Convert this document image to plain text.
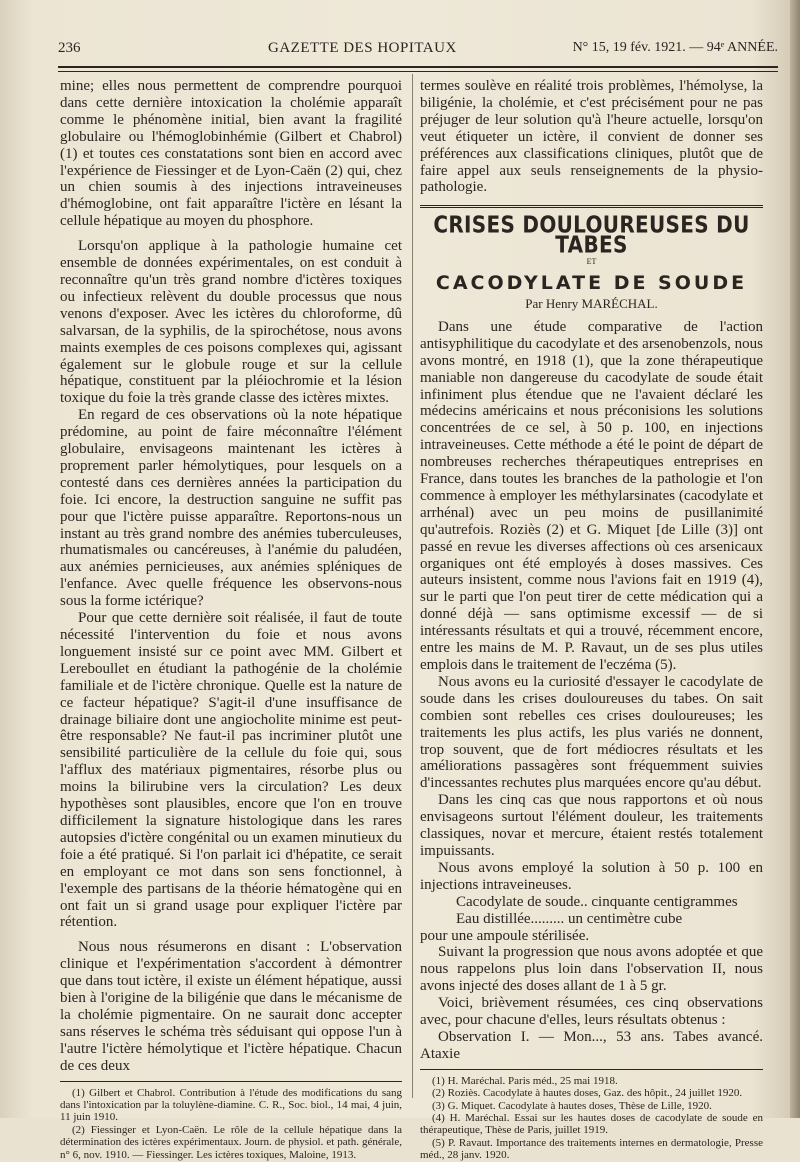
236	GAZETTE DES HOPITAUX	N° 15, 19 fév. 1921. — 94ᵉ ANNÉE.

mine; elles nous permettent de comprendre pourquoi dans cette dernière intoxication la cholémie apparaît comme le phénomène initial, bien avant la fragilité globulaire ou l'hémoglobinhémie (Gilbert et Chabrol) (1) et toutes ces constatations sont bien en accord avec l'expérience de Fiessinger et de Lyon-Caën (2) qui, chez un chien soumis à des injections intraveineuses d'hémoglobine, ont fait apparaître l'ictère en lésant la cellule hépatique au moyen du phosphore.

Lorsqu'on applique à la pathologie humaine cet ensemble de données expérimentales, on est conduit à reconnaître qu'un très grand nombre d'ictères toxiques ou infectieux relèvent du double processus que nous venons d'exposer. Avec les ictères du chloroforme, dû salvarsan, de la syphilis, de la spirochétose, nous avons maints exemples de ces poisons complexes qui, agissant également sur le globule rouge et sur la cellule hépatique, constituent par la pléiochromie et la lésion toxique du foie la très grande classe des ictères mixtes.

En regard de ces observations où la note hépatique prédomine, au point de faire méconnaître l'élément globulaire, envisageons maintenant les ictères à proprement parler hémolytiques, pour lesquels on a contesté dans ces dernières années la participation du foie. Ici encore, la destruction sanguine ne suffit pas pour que l'ictère puisse apparaître. Reportons-nous un instant au très grand nombre des anémies tuberculeuses, rhumatismales ou cancéreuses, à l'anémie du paludéen, aux anémies pernicieuses, aux anémies spléniques de l'enfance. Avec quelle fréquence les observons-nous sous la forme ictérique?

Pour que cette dernière soit réalisée, il faut de toute nécessité l'intervention du foie et nous avons longuement insisté sur ce point avec MM. Gilbert et Lereboullet en étudiant la pathogénie de la cholémie familiale et de l'ictère chronique. Quelle est la nature de ce facteur hépatique? S'agit-il d'une insuffisance de drainage biliaire dont une angiocholite minime est peut-être responsable? Ne faut-il pas incriminer plutôt une sensibilité particulière de la cellule du foie qui, sous l'afflux des matériaux pigmentaires, résorbe plus ou moins la bilirubine vers la circulation? Les deux hypothèses sont plausibles, encore que l'on en trouve difficilement la signature histologique dans les rares autopsies d'ictère congénital ou un examen minutieux du foie a été pratiqué. Si l'on parlait ici d'hépatite, ce serait en employant ce mot dans son sens fonctionnel, à l'exemple des partisans de la théorie hématogène qui en ont fait un si grand usage pour expliquer l'ictère par rétention.

Nous nous résumerons en disant : L'observation clinique et l'expérimentation s'accordent à démontrer que dans tout ictère, il existe un élément hépatique, aussi bien à l'origine de la biligénie que dans le mécanisme de la cholémie pigmentaire. On ne saurait donc accepter sans réserves le schéma très séduisant qui oppose l'un à l'autre l'ictère hémolytique et l'ictère hépatique. Chacun de ces deux

(1) Gilbert et Chabrol. Contribution à l'étude des modifications du sang dans l'intoxication par la toluylène-diamine. C. R., Soc. biol., 14 mai, 4 juin, 11 juin 1910.

(2) Fiessinger et Lyon-Caën. Le rôle de la cellule hépatique dans la détermination des ictères expérimentaux. Journ. de physiol. et path. générale, n° 6, nov. 1910. — Fiessinger. Les ictères toxiques, Maloine, 1913.

termes soulève en réalité trois problèmes, l'hémolyse, la biligénie, la cholémie, et c'est précisément pour ne pas préjuger de leur solution qu'à l'heure actuelle, lorsqu'on veut étiqueter un ictère, il convient de donner ses préférences aux classifications cliniques, plutôt que de faire appel aux seuls renseignements de la physio-pathologie.

CRISES DOULOUREUSES DU TABES
ET
CACODYLATE DE SOUDE
Par Henry MARÉCHAL.

Dans une étude comparative de l'action antisyphilitique du cacodylate et des arsenobenzols, nous avons montré, en 1918 (1), que la zone thérapeutique maniable non dangereuse du cacodylate de soude était infiniment plus étendue que ne l'avaient déclaré les médecins américains et nous préconisions les solutions concentrées de ce sel, à 50 p. 100, en injections intraveineuses. Cette méthode a été le point de départ de nombreuses recherches thérapeutiques entreprises en France, dans toutes les branches de la pathologie et l'on commence à employer les méthylarsinates (cacodylate et arrhénal) avec un peu moins de pusillanimité qu'autrefois. Roziès (2) et G. Miquet [de Lille (3)] ont passé en revue les diverses affections où ces arsenicaux organiques ont été employés à doses massives. Ces auteurs insistent, comme nous l'avions fait en 1919 (4), sur le parti que l'on peut tirer de cette médication qui a donné déjà — sans optimisme excessif — de si intéressants résultats et qui a trouvé, récemment encore, entre les mains de M. P. Ravaut, un de ses plus utiles emplois dans le traitement de l'eczéma (5).

Nous avons eu la curiosité d'essayer le cacodylate de soude dans les crises douloureuses du tabes. On sait combien sont rebelles ces crises douloureuses; les traitements les plus actifs, les plus variés ne donnent, trop souvent, que de fort médiocres résultats et les améliorations passagères sont fréquemment suivies d'incessantes rechutes plus marquées encore qu'au début.

Dans les cinq cas que nous rapportons et où nous envisageons surtout l'élément douleur, les traitements classiques, novar et mercure, étaient restés totalement impuissants.

Nous avons employé la solution à 50 p. 100 en injections intraveineuses.

Cacodylate de soude.. cinquante centigrammes

Eau distillée......... un centimètre cube

pour une ampoule stérilisée.

Suivant la progression que nous avons adoptée et que nous rappelons plus loin dans l'observation II, nous avons injecté des doses allant de 1 à 5 gr.

Voici, brièvement résumées, ces cinq observations avec, pour chacune d'elles, leurs résultats obtenus :

Observation I. — Mon..., 53 ans. Tabes avancé. Ataxie

(1) H. Maréchal. Paris méd., 25 mai 1918.

(2) Roziès. Cacodylate à hautes doses, Gaz. des hôpit., 24 juillet 1920.

(3) G. Miquet. Cacodylate à hautes doses, Thèse de Lille, 1920.

(4) H. Maréchal. Essai sur les hautes doses de cacodylate de soude en thérapeutique, Thèse de Paris, juillet 1919.

(5) P. Ravaut. Importance des traitements internes en dermatologie, Presse méd., 28 janv. 1920.
